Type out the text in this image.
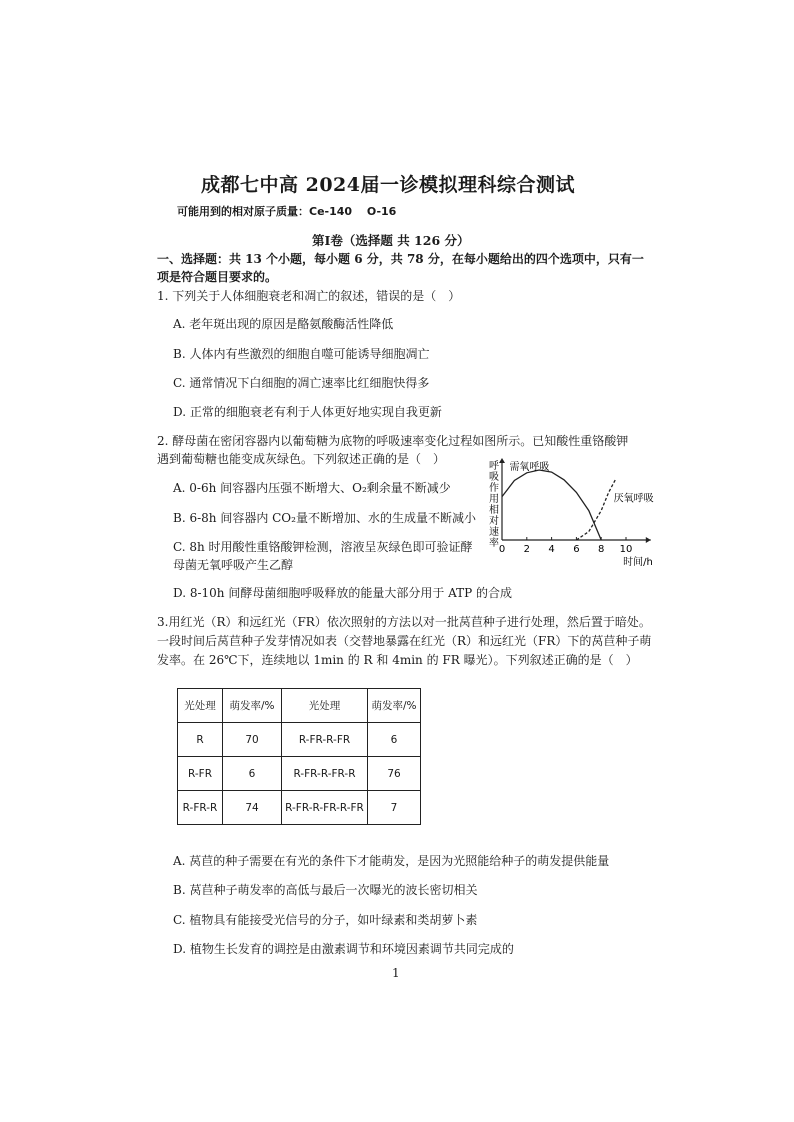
成都七中高 2024届一诊模拟理科综合测试
可能用到的相对原子质量：Ce-140　 O-16
第Ⅰ卷（选择题 共 126 分）
一、选择题：共 13 个小题，每小题 6 分，共 78 分，在每小题给出的四个选项中，只有一
项是符合题目要求的。
1. 下列关于人体细胞衰老和凋亡的叙述，错误的是（　）
A. 老年斑出现的原因是酪氨酸酶活性降低
B. 人体内有些激烈的细胞自噬可能诱导细胞凋亡
C. 通常情况下白细胞的凋亡速率比红细胞快得多
D. 正常的细胞衰老有利于人体更好地实现自我更新
2. 酵母菌在密闭容器内以葡萄糖为底物的呼吸速率变化过程如图所示。已知酸性重铬酸钾
遇到葡萄糖也能变成灰绿色。下列叙述正确的是（　）
A. 0-6h 间容器内压强不断增大、O₂剩余量不断减少
B. 6-8h 间容器内 CO₂量不断增加、水的生成量不断减小
C. 8h 时用酸性重铬酸钾检测，溶液呈灰绿色即可验证酵
母菌无氧呼吸产生乙醇
D. 8-10h 间酵母菌细胞呼吸释放的能量大部分用于 ATP 的合成
呼吸作用相对速率
0 2 4 6 8 10
时间/h
需氧呼吸
厌氧呼吸
3.用红光（R）和远红光（FR）依次照射的方法以对一批莴苣种子进行处理，然后置于暗处。
一段时间后莴苣种子发芽情况如表（交替地暴露在红光（R）和远红光（FR）下的莴苣种子萌
发率。在 26℃下，连续地以 1min 的 R 和 4min 的 FR 曝光）。下列叙述正确的是（　）
光处理	萌发率/%	光处理	萌发率/%
R	70	R-FR-R-FR	6
R-FR	6	R-FR-R-FR-R	76
R-FR-R	74	R-FR-R-FR-R-FR	7
A. 莴苣的种子需要在有光的条件下才能萌发，是因为光照能给种子的萌发提供能量
B. 莴苣种子萌发率的高低与最后一次曝光的波长密切相关
C. 植物具有能接受光信号的分子，如叶绿素和类胡萝卜素
D. 植物生长发育的调控是由激素调节和环境因素调节共同完成的
1
